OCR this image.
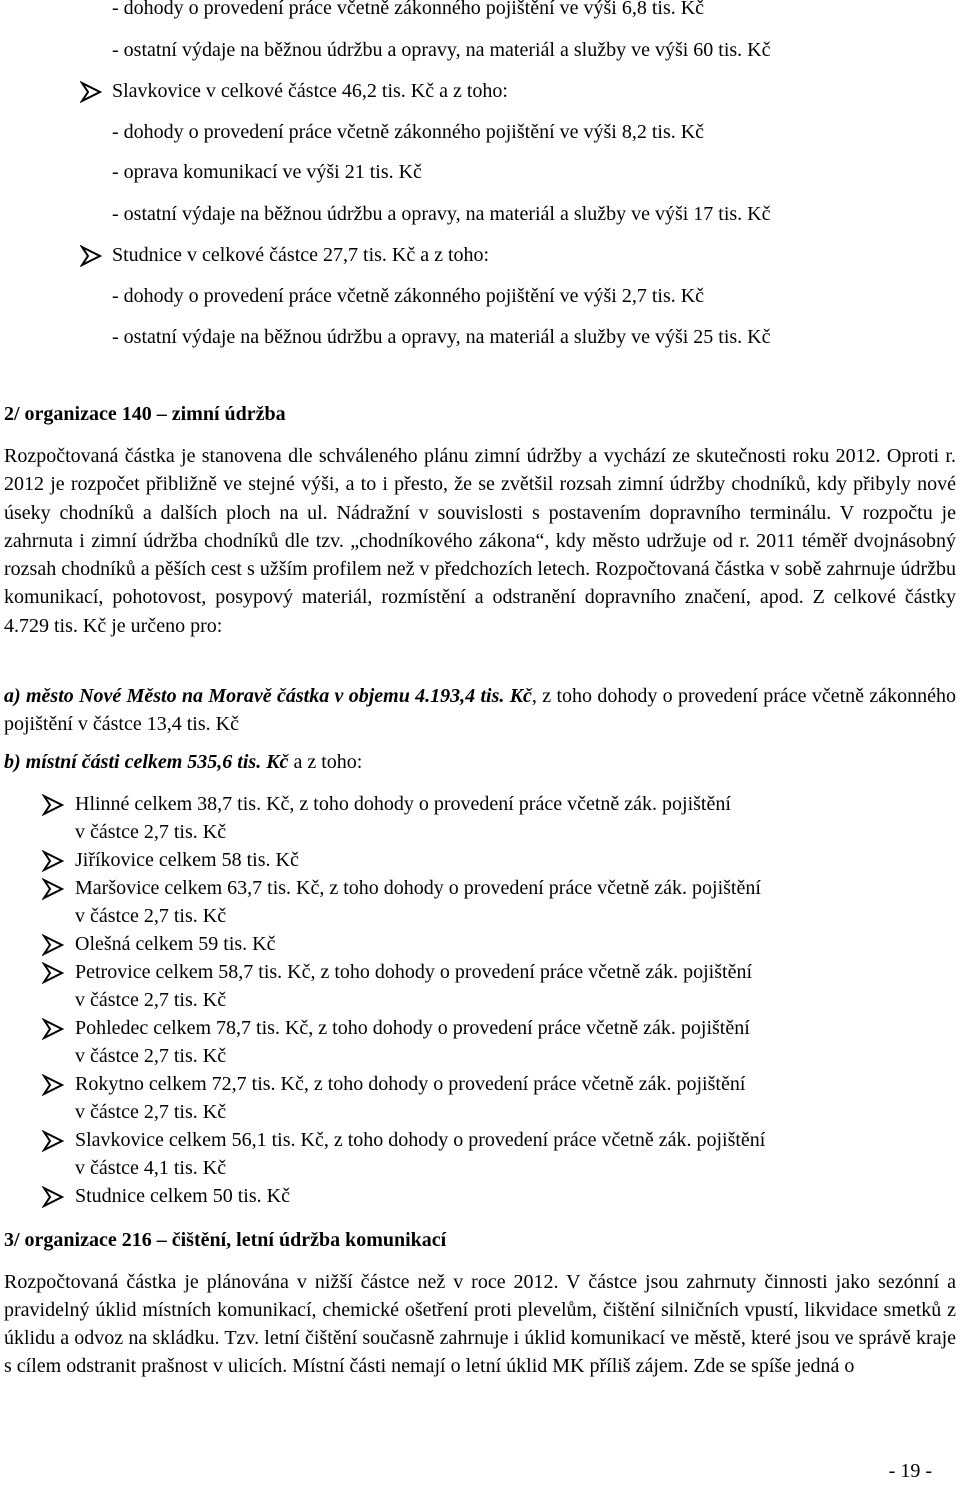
- dohody o provedení práce včetně zákonného pojištění ve výši 6,8 tis. Kč
- ostatní výdaje na běžnou údržbu a opravy, na materiál a služby ve výši 60 tis. Kč
Slavkovice v celkové částce 46,2 tis. Kč a z toho:
- dohody o provedení práce včetně zákonného pojištění ve výši 8,2 tis. Kč
- oprava komunikací ve výši 21 tis. Kč
- ostatní výdaje na běžnou údržbu a opravy, na materiál a služby ve výši 17 tis. Kč
Studnice v celkové částce 27,7 tis. Kč a z toho:
- dohody o provedení práce včetně zákonného pojištění ve výši 2,7 tis. Kč
- ostatní výdaje na běžnou údržbu a opravy, na materiál a služby ve výši 25 tis. Kč
2/ organizace 140 – zimní údržba
Rozpočtovaná částka je stanovena dle schváleného plánu zimní údržby a vychází ze skutečnosti roku 2012. Oproti r. 2012 je rozpočet přibližně ve stejné výši, a to i přesto, že se zvětšil rozsah zimní údržby chodníků, kdy přibyly nové úseky chodníků a dalších ploch na ul. Nádražní v souvislosti s postavením dopravního terminálu. V rozpočtu je zahrnuta i zimní údržba chodníků dle tzv. „chodníkového zákona“, kdy město udržuje od r. 2011 téměř dvojnásobný rozsah chodníků a pěších cest s užším profilem než v předchozích letech. Rozpočtovaná částka v sobě zahrnuje údržbu komunikací, pohotovost, posypový materiál, rozmístění a odstranění dopravního značení, apod. Z celkové částky 4.729 tis. Kč je určeno pro:
a) město Nové Město na Moravě částka v objemu 4.193,4 tis. Kč, z toho dohody o provedení práce včetně zákonného pojištění v částce 13,4 tis. Kč
b) místní části celkem 535,6 tis. Kč a z toho:
Hlinné celkem 38,7 tis. Kč, z toho dohody o provedení práce včetně zák. pojištění
v částce 2,7 tis. Kč
Jiříkovice celkem 58 tis. Kč
Maršovice celkem 63,7 tis. Kč, z toho dohody o provedení práce včetně zák. pojištění
v částce 2,7 tis. Kč
Olešná celkem 59 tis. Kč
Petrovice celkem 58,7 tis. Kč, z toho dohody o provedení práce včetně zák. pojištění
v částce 2,7 tis. Kč
Pohledec celkem 78,7 tis. Kč, z toho dohody o provedení práce včetně zák. pojištění
v částce 2,7 tis. Kč
Rokytno celkem 72,7 tis. Kč, z toho dohody o provedení práce včetně zák. pojištění
v částce 2,7 tis. Kč
Slavkovice celkem 56,1 tis. Kč, z toho dohody o provedení práce včetně zák. pojištění
v částce 4,1 tis. Kč
Studnice celkem 50 tis. Kč
3/ organizace 216 – čištění, letní údržba komunikací
Rozpočtovaná částka je plánována v nižší částce než v roce 2012. V částce jsou zahrnuty činnosti jako sezónní a pravidelný úklid místních komunikací, chemické ošetření proti plevelům, čištění silničních vpustí, likvidace smetků z úklidu a odvoz na skládku. Tzv. letní čištění současně zahrnuje i úklid komunikací ve městě, které jsou ve správě kraje s cílem odstranit prašnost v ulicích. Místní části nemají o letní úklid MK příliš zájem. Zde se spíše jedná o
- 19 -
